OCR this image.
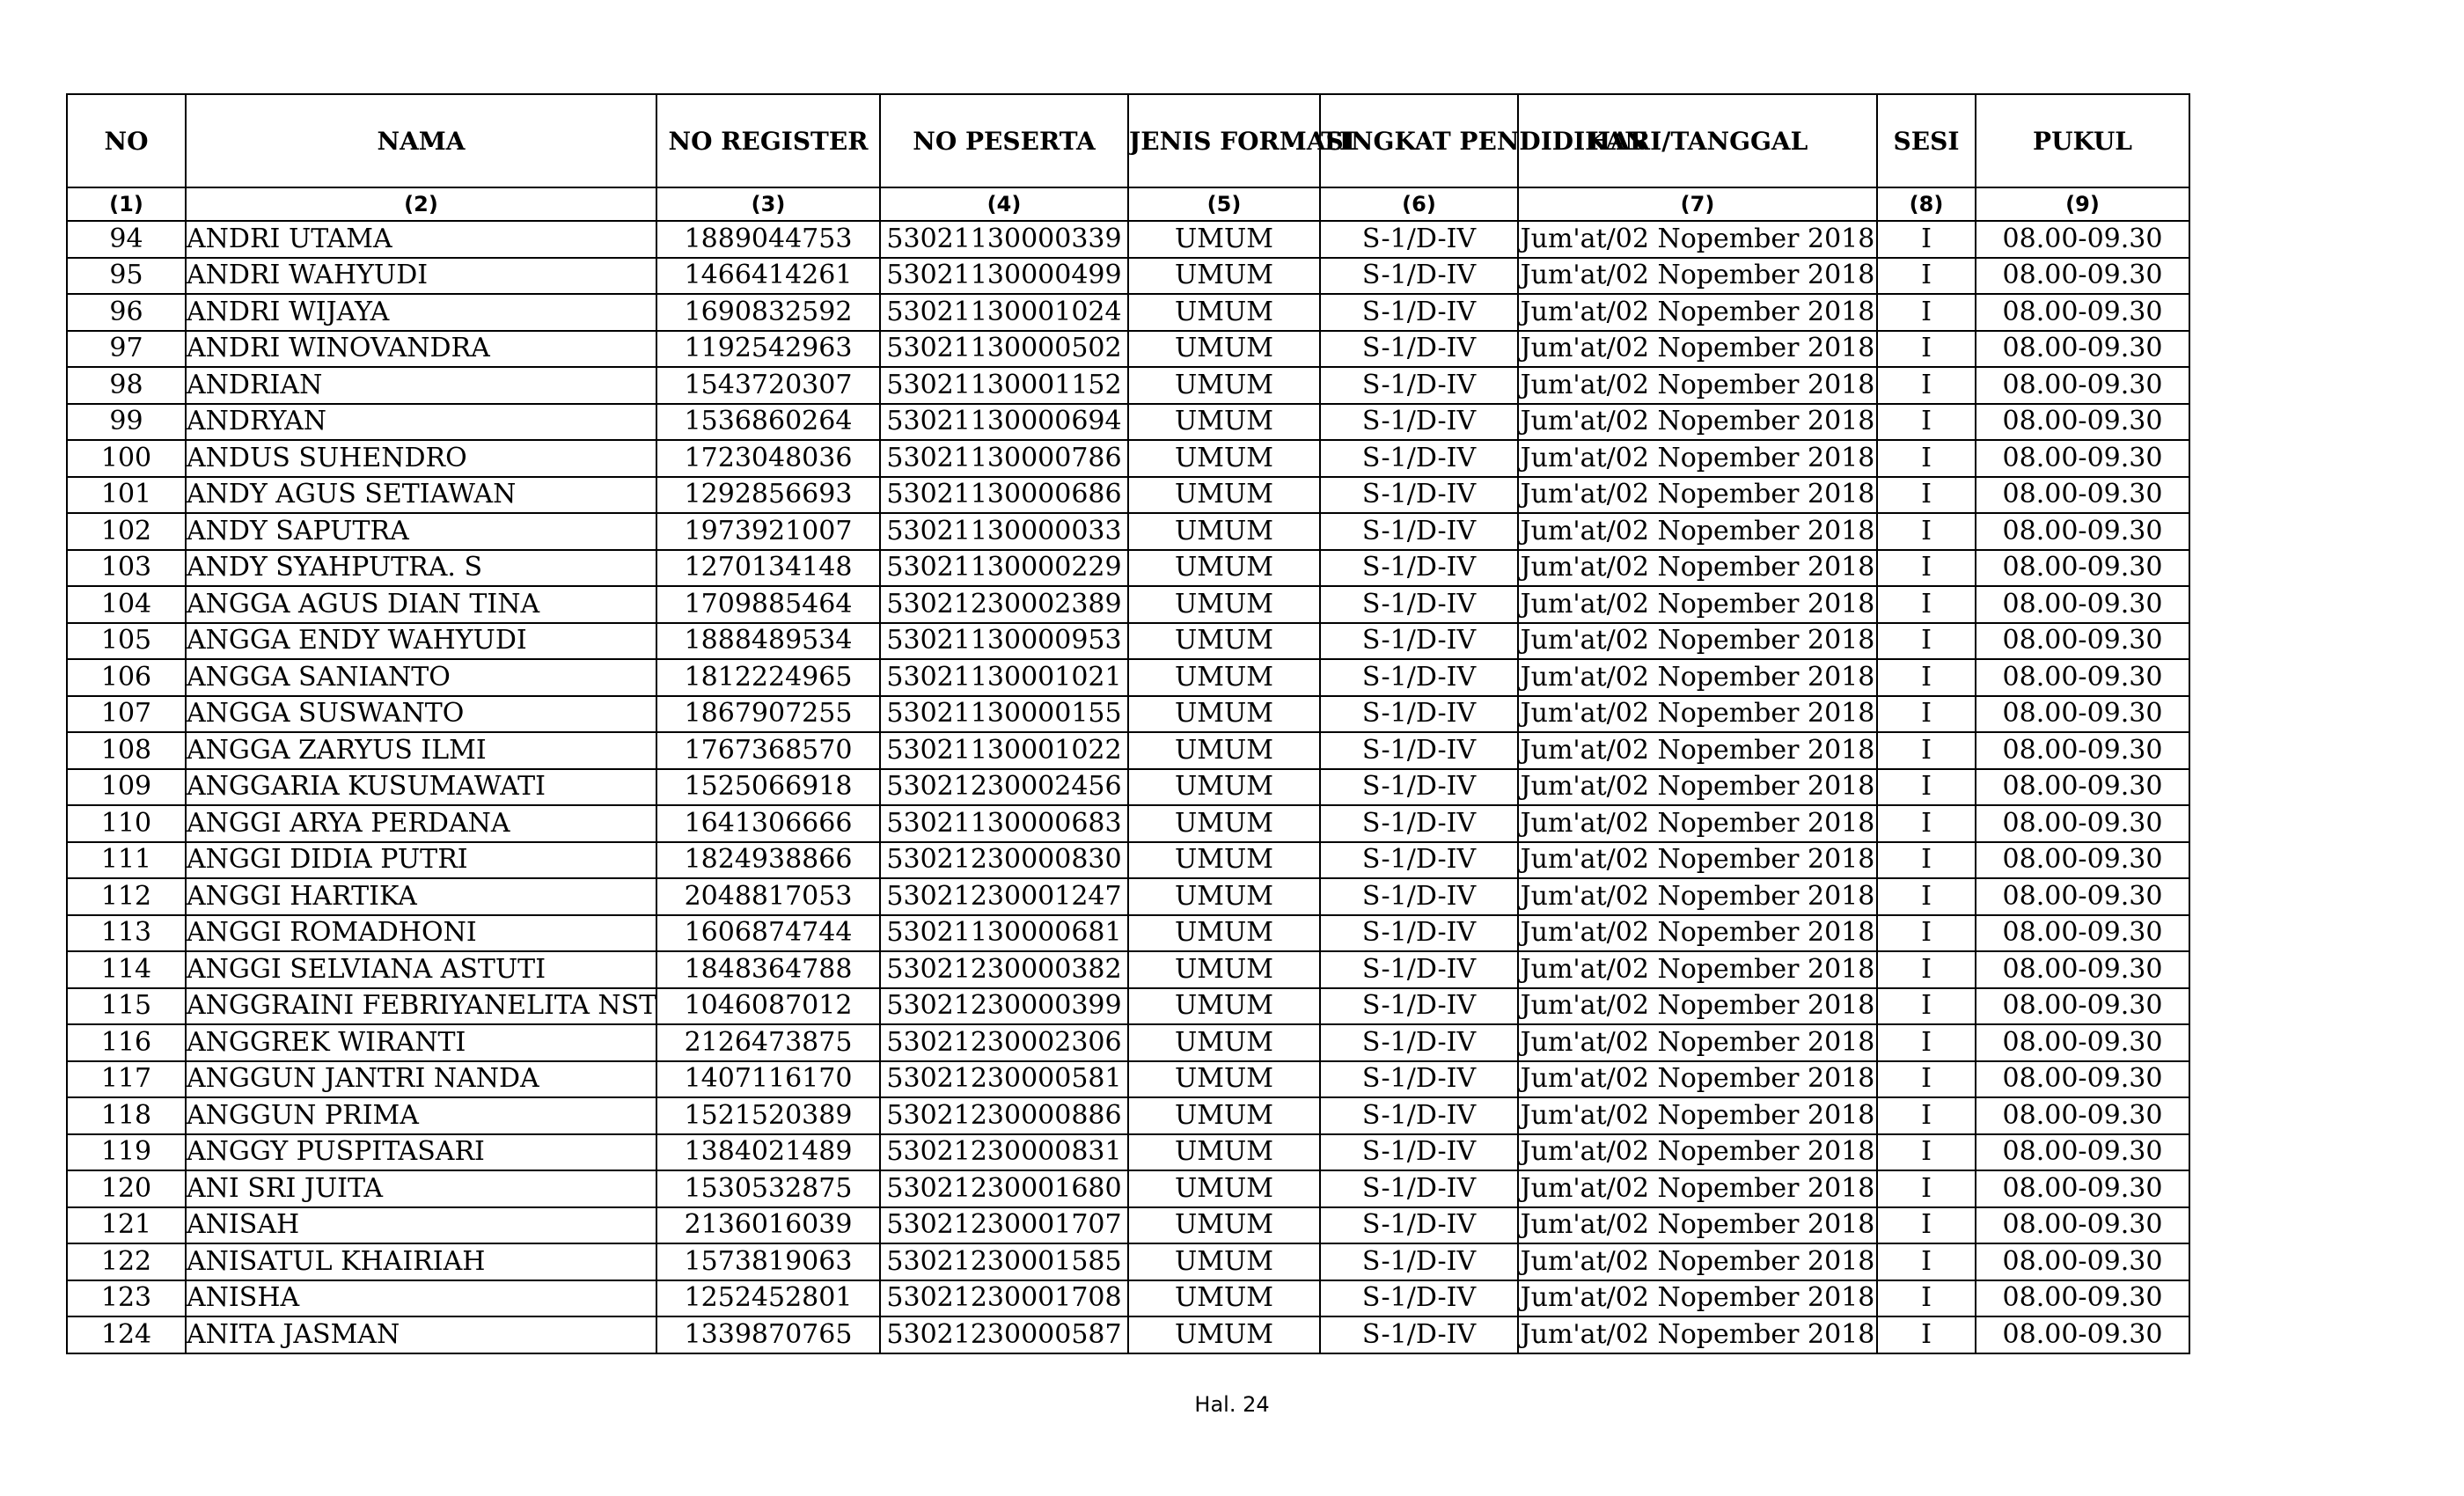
NO	NAMA	NO REGISTER	NO PESERTA	JENIS FORMASI	TINGKAT PENDIDIKAN	HARI/TANGGAL	SESI	PUKUL
(1)	(2)	(3)	(4)	(5)	(6)	(7)	(8)	(9)
94	ANDRI UTAMA	1889044753	53021130000339	UMUM	S-1/D-IV	Jum'at/02 Nopember 2018	I	08.00-09.30
95	ANDRI WAHYUDI	1466414261	53021130000499	UMUM	S-1/D-IV	Jum'at/02 Nopember 2018	I	08.00-09.30
96	ANDRI WIJAYA	1690832592	53021130001024	UMUM	S-1/D-IV	Jum'at/02 Nopember 2018	I	08.00-09.30
97	ANDRI WINOVANDRA	1192542963	53021130000502	UMUM	S-1/D-IV	Jum'at/02 Nopember 2018	I	08.00-09.30
98	ANDRIAN	1543720307	53021130001152	UMUM	S-1/D-IV	Jum'at/02 Nopember 2018	I	08.00-09.30
99	ANDRYAN	1536860264	53021130000694	UMUM	S-1/D-IV	Jum'at/02 Nopember 2018	I	08.00-09.30
100	ANDUS SUHENDRO	1723048036	53021130000786	UMUM	S-1/D-IV	Jum'at/02 Nopember 2018	I	08.00-09.30
101	ANDY AGUS SETIAWAN	1292856693	53021130000686	UMUM	S-1/D-IV	Jum'at/02 Nopember 2018	I	08.00-09.30
102	ANDY SAPUTRA	1973921007	53021130000033	UMUM	S-1/D-IV	Jum'at/02 Nopember 2018	I	08.00-09.30
103	ANDY SYAHPUTRA. S	1270134148	53021130000229	UMUM	S-1/D-IV	Jum'at/02 Nopember 2018	I	08.00-09.30
104	ANGGA AGUS DIAN TINA	1709885464	53021230002389	UMUM	S-1/D-IV	Jum'at/02 Nopember 2018	I	08.00-09.30
105	ANGGA ENDY WAHYUDI	1888489534	53021130000953	UMUM	S-1/D-IV	Jum'at/02 Nopember 2018	I	08.00-09.30
106	ANGGA SANIANTO	1812224965	53021130001021	UMUM	S-1/D-IV	Jum'at/02 Nopember 2018	I	08.00-09.30
107	ANGGA SUSWANTO	1867907255	53021130000155	UMUM	S-1/D-IV	Jum'at/02 Nopember 2018	I	08.00-09.30
108	ANGGA ZARYUS ILMI	1767368570	53021130001022	UMUM	S-1/D-IV	Jum'at/02 Nopember 2018	I	08.00-09.30
109	ANGGARIA KUSUMAWATI	1525066918	53021230002456	UMUM	S-1/D-IV	Jum'at/02 Nopember 2018	I	08.00-09.30
110	ANGGI ARYA PERDANA	1641306666	53021130000683	UMUM	S-1/D-IV	Jum'at/02 Nopember 2018	I	08.00-09.30
111	ANGGI DIDIA PUTRI	1824938866	53021230000830	UMUM	S-1/D-IV	Jum'at/02 Nopember 2018	I	08.00-09.30
112	ANGGI HARTIKA	2048817053	53021230001247	UMUM	S-1/D-IV	Jum'at/02 Nopember 2018	I	08.00-09.30
113	ANGGI ROMADHONI	1606874744	53021130000681	UMUM	S-1/D-IV	Jum'at/02 Nopember 2018	I	08.00-09.30
114	ANGGI SELVIANA ASTUTI	1848364788	53021230000382	UMUM	S-1/D-IV	Jum'at/02 Nopember 2018	I	08.00-09.30
115	ANGGRAINI FEBRIYANELITA NST	1046087012	53021230000399	UMUM	S-1/D-IV	Jum'at/02 Nopember 2018	I	08.00-09.30
116	ANGGREK WIRANTI	2126473875	53021230002306	UMUM	S-1/D-IV	Jum'at/02 Nopember 2018	I	08.00-09.30
117	ANGGUN JANTRI NANDA	1407116170	53021230000581	UMUM	S-1/D-IV	Jum'at/02 Nopember 2018	I	08.00-09.30
118	ANGGUN PRIMA	1521520389	53021230000886	UMUM	S-1/D-IV	Jum'at/02 Nopember 2018	I	08.00-09.30
119	ANGGY PUSPITASARI	1384021489	53021230000831	UMUM	S-1/D-IV	Jum'at/02 Nopember 2018	I	08.00-09.30
120	ANI SRI JUITA	1530532875	53021230001680	UMUM	S-1/D-IV	Jum'at/02 Nopember 2018	I	08.00-09.30
121	ANISAH	2136016039	53021230001707	UMUM	S-1/D-IV	Jum'at/02 Nopember 2018	I	08.00-09.30
122	ANISATUL KHAIRIAH	1573819063	53021230001585	UMUM	S-1/D-IV	Jum'at/02 Nopember 2018	I	08.00-09.30
123	ANISHA	1252452801	53021230001708	UMUM	S-1/D-IV	Jum'at/02 Nopember 2018	I	08.00-09.30
124	ANITA JASMAN	1339870765	53021230000587	UMUM	S-1/D-IV	Jum'at/02 Nopember 2018	I	08.00-09.30
Hal. 24
